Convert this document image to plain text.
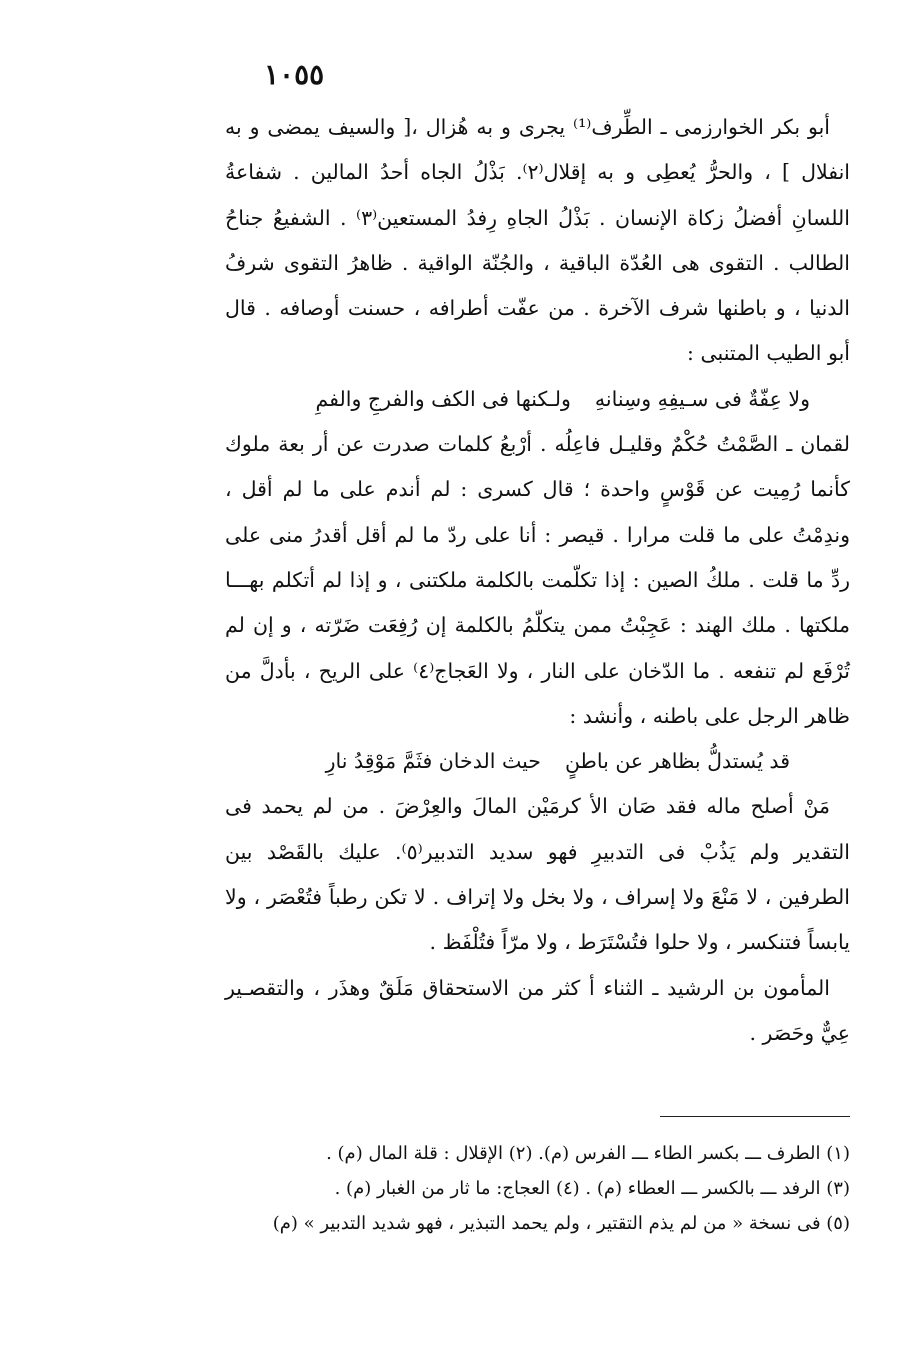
١٠٥٥

أبو بكر الخوارزمى ـ الطِّرف⁽¹⁾ يجرى و به هُزال ،[ والسيف يمضى و به انفلال ] ، والحرُّ يُعطِى و به إقلال⁽٢⁾. بَذْلُ الجاه أحدُ المالين . شفاعةُ اللسانِ أفضلُ زكاة الإنسان . بَذْلُ الجاهِ رِفدُ المستعين⁽٣⁾ . الشفيعُ جناحُ الطالب . التقوى هى العُدّة الباقية ، والجُنّة الواقية . ظاهرُ التقوى شرفُ الدنيا ، و باطنها شرف الآخرة . من عفّت أطرافه ، حسنت أوصافه . قال أبو الطيب المتنبى :

ولا عِفّةٌ فى سـيفِهِ وسِنانهِ
ولـكنها فى الكف والفرجِ والفمِ

لقمان ـ الصَّمْتُ حُكْمٌ وقليـل فاعِلُه . أرْبعُ كلمات صدرت عن أر بعة ملوك كأنما رُمِيت عن قَوْسٍ واحدة ؛ قال كسرى : لم أندم على ما لم أقل ، وندِمْتُ على ما قلت مرارا . قيصر : أنا على ردّ ما لم أقل أقدرُ منى على ردِّ ما قلت . ملكُ الصين : إذا تكلّمت بالكلمة ملكتنى ، و إذا لم أتكلم بهـــا ملكتها . ملك الهند : عَجِبْتُ ممن يتكلّمُ بالكلمة إن رُفِعَت ضَرّته ، و إن لم تُرْفَع لم تنفعه . ما الدّخان على النار ، ولا العَجاج⁽٤⁾ على الريح ، بأدلَّ من ظاهر الرجل على باطنه ، وأنشد :

قد يُستدلُّ بظاهر عن باطنٍ
حيث الدخان فثَمَّ مَوْقِدُ نارِ

مَنْ أصلح ماله فقد صَان الأ كرمَيْن المالَ والعِرْضَ . من لم يحمد فى التقدير ولم يَذُبْ فى التدبيرِ فهو سديد التدبير⁽٥⁾. عليك بالقَصْد بين الطرفين ، لا مَنْعَ ولا إسراف ، ولا بخل ولا إتراف . لا تكن رطباً فتُعْصَر ، ولا يابساً فتنكسر ، ولا حلوا فتُسْتَرَط ، ولا مرّاً فتُلْفَظ .

المأمون بن الرشيد ـ الثناء أ كثر من الاستحقاق مَلَقٌ وهذَر ، والتقصـير عِيٌّ وحَصَر .

(١) الطرف ـــ بكسر الطاء ـــ الفرس (م). (٢) الإقلال : قلة المال (م) .

(٣) الرفد ـــ بالكسر ـــ العطاء (م) . (٤) العجاج: ما ثار من الغبار (م) .

(٥) فى نسخة « من لم يذم التقتير ، ولم يحمد التبذير ، فهو شديد التدبير » (م)
